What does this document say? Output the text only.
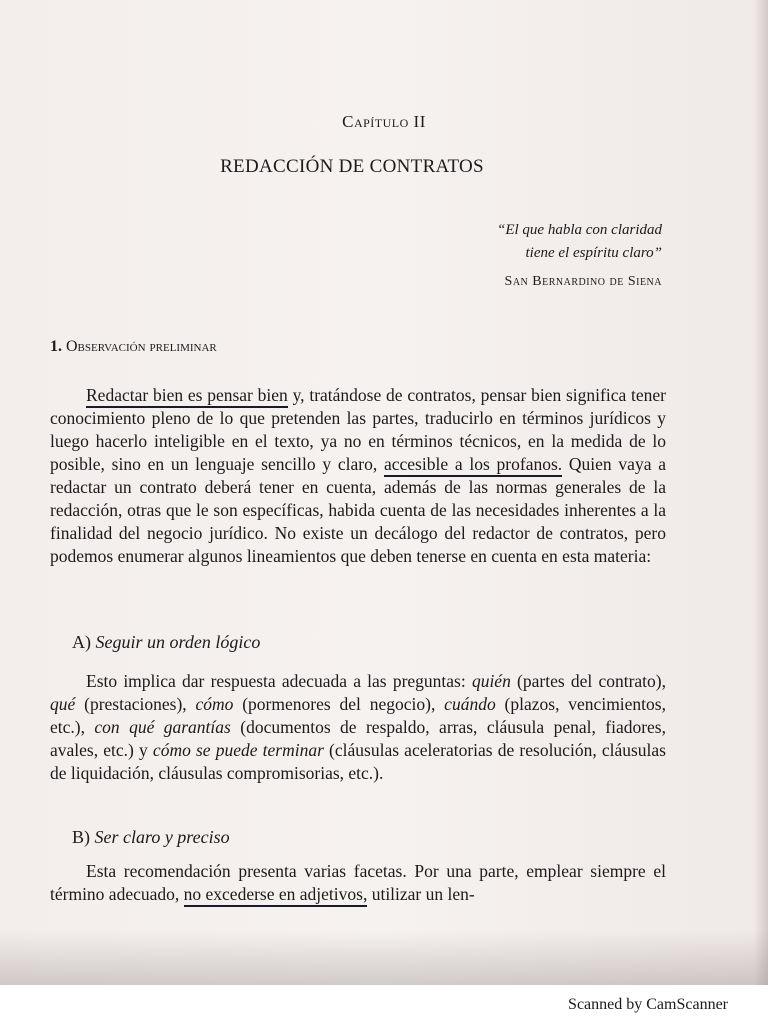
Capítulo II
REDACCIÓN DE CONTRATOS
“El que habla con claridad
tiene el espíritu claro”
San Bernardino de Siena
1. Observación preliminar

Redactar bien es pensar bien y, tratándose de contratos, pensar bien significa tener conocimiento pleno de lo que pretenden las partes, traducirlo en términos jurídicos y luego hacerlo inteligible en el texto, ya no en términos técnicos, en la medida de lo posible, sino en un lenguaje sencillo y claro, accesible a los profanos. Quien vaya a redactar un contrato deberá tener en cuenta, además de las normas generales de la redacción, otras que le son específicas, habida cuenta de las necesidades inherentes a la finalidad del negocio jurídico. No existe un decálogo del redactor de contratos, pero podemos enumerar algunos lineamientos que deben tenerse en cuenta en esta materia:

A) Seguir un orden lógico

Esto implica dar respuesta adecuada a las preguntas: quién (partes del contrato), qué (prestaciones), cómo (pormenores del negocio), cuándo (plazos, vencimientos, etc.), con qué garantías (documentos de respaldo, arras, cláusula penal, fiadores, avales, etc.) y cómo se puede terminar (cláusulas aceleratorias de resolución, cláusulas de liquidación, cláusulas compromisorias, etc.).

B) Ser claro y preciso

Esta recomendación presenta varias facetas. Por una parte, emplear siempre el término adecuado, no excederse en adjetivos, utilizar un len-

Scanned by CamScanner
